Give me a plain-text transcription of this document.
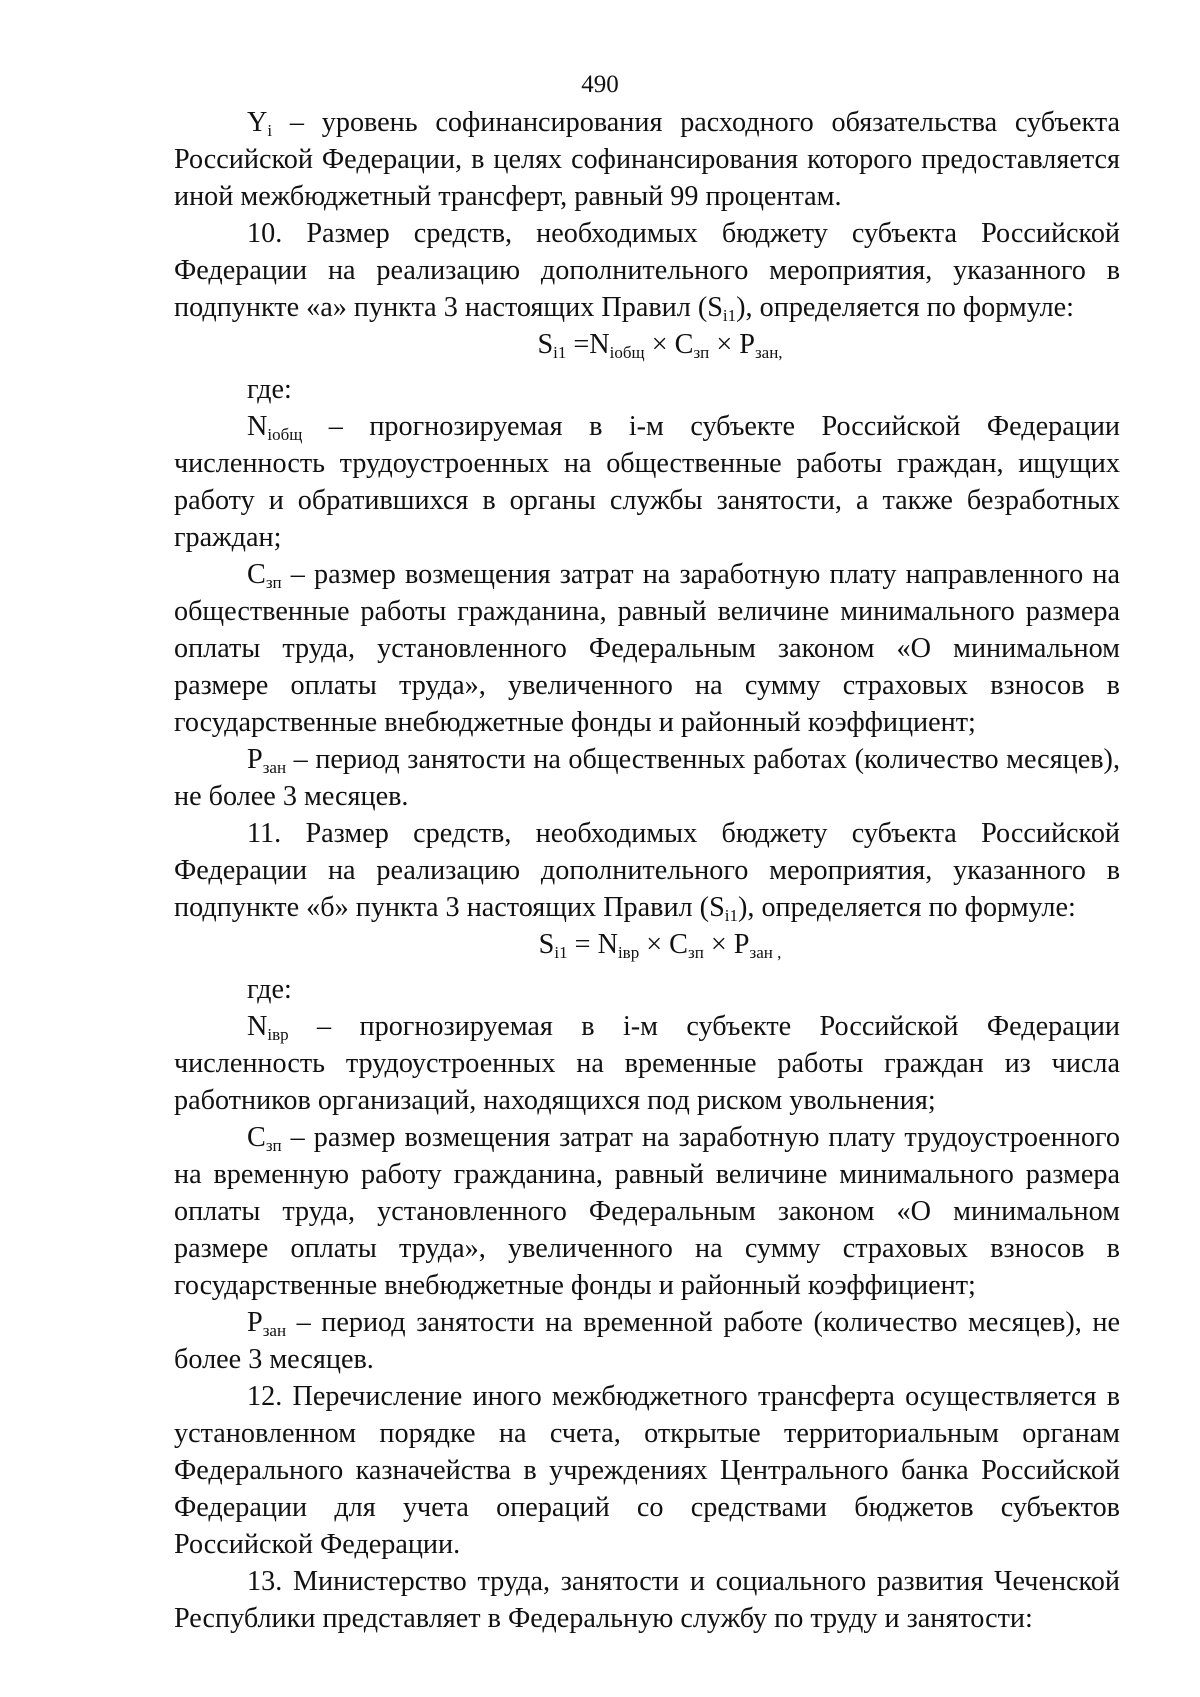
490

$Y_i$ – уровень софинансирования расходного обязательства субъекта Российской Федерации, в целях софинансирования которого предоставляется иной межбюджетный трансферт, равный 99 процентам.

10. Размер средств, необходимых бюджету субъекта Российской Федерации на реализацию дополнительного мероприятия, указанного в подпункте «а» пункта 3 настоящих Правил $(S_{i1})$, определяется по формуле:

$S_{i1} =N_{iобщ} \times C_{зп} \times P_{зан,}$

где:

$N_{iобщ}$ – прогнозируемая в i-м субъекте Российской Федерации численность трудоустроенных на общественные работы граждан, ищущих работу и обратившихся в органы службы занятости, а также безработных граждан;

$C_{зп}$ – размер возмещения затрат на заработную плату направленного на общественные работы гражданина, равный величине минимального размера оплаты труда, установленного Федеральным законом «О минимальном размере оплаты труда», увеличенного на сумму страховых взносов в государственные внебюджетные фонды и районный коэффициент;

$P_{зан}$ – период занятости на общественных работах (количество месяцев), не более 3 месяцев.

11. Размер средств, необходимых бюджету субъекта Российской Федерации на реализацию дополнительного мероприятия, указанного в подпункте «б» пункта 3 настоящих Правил $(S_{i1})$, определяется по формуле:

$S_{i1} = N_{iвр} \times C_{зп} \times P_{зан ,}$

где:

$N_{iвр}$ – прогнозируемая в i-м субъекте Российской Федерации численность трудоустроенных на временные работы граждан из числа работников организаций, находящихся под риском увольнения;

$C_{зп}$ – размер возмещения затрат на заработную плату трудоустроенного на временную работу гражданина, равный величине минимального размера оплаты труда, установленного Федеральным законом «О минимальном размере оплаты труда», увеличенного на сумму страховых взносов в государственные внебюджетные фонды и районный коэффициент;

$P_{зан}$ – период занятости на временной работе (количество месяцев), не более 3 месяцев.

12. Перечисление иного межбюджетного трансферта осуществляется в установленном порядке на счета, открытые территориальным органам Федерального казначейства в учреждениях Центрального банка Российской Федерации для учета операций со средствами бюджетов субъектов Российской Федерации.

13. Министерство труда, занятости и социального развития Чеченской Республики представляет в Федеральную службу по труду и занятости:
